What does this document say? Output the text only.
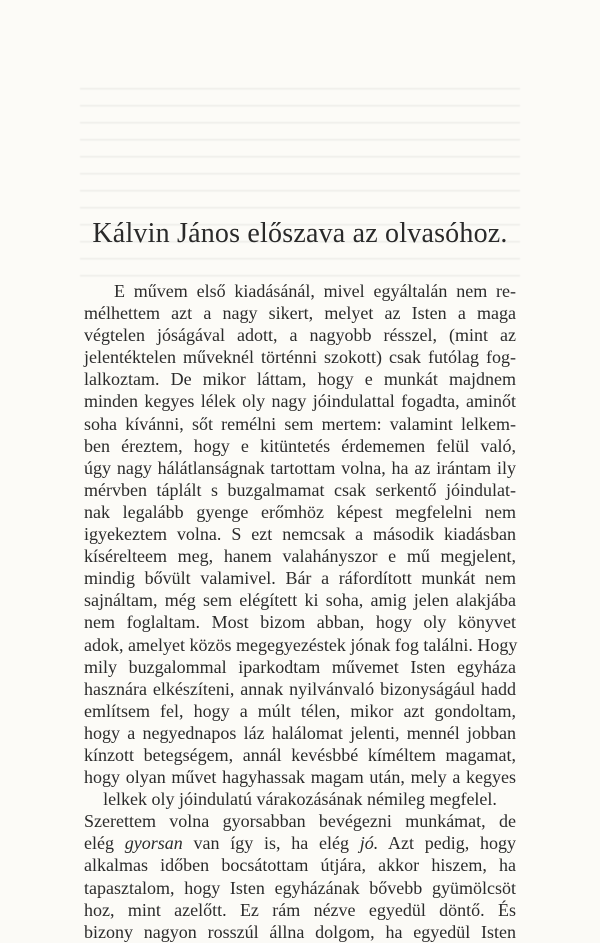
Kálvin János előszava az olvasóhoz.
E művem első kiadásánál, mivel egyáltalán nem re-
mélhettem azt a nagy sikert, melyet az Isten a maga
végtelen jóságával adott, a nagyobb résszel, (mint az
jelentéktelen műveknél történni szokott) csak futólag fog-
lalkoztam. De mikor láttam, hogy e munkát majdnem
minden kegyes lélek oly nagy jóindulattal fogadta, aminőt
soha kívánni, sőt remélni sem mertem: valamint lelkem-
ben éreztem, hogy e kitüntetés érdememen felül való,
úgy nagy hálátlanságnak tartottam volna, ha az irántam ily
mérvben táplált s buzgalmamat csak serkentő jóindulat-
nak legalább gyenge erőmhöz képest megfelelni nem
igyekeztem volna. S ezt nemcsak a második kiadásban
kísérelteem meg, hanem valahányszor e mű megjelent,
mindig bővült valamivel. Bár a ráfordított munkát nem
sajnáltam, még sem elégített ki soha, amig jelen alakjába
nem foglaltam. Most bizom abban, hogy oly könyvet
adok, amelyet közös megegyezéstek jónak fog találni. Hogy
mily buzgalommal iparkodtam művemet Isten egyháza
hasznára elkészíteni, annak nyilvánvaló bizonyságául hadd
említsem fel, hogy a múlt télen, mikor azt gondoltam,
hogy a negyednapos láz halálomat jelenti, mennél jobban
kínzott betegségem, annál kevésbbé kíméltem magamat,
hogy olyan művet hagyhassak magam után, mely a kegyes
lelkek oly jóindulatú várakozásának némileg megfelel.
Szerettem volna gyorsabban bevégezni munkámat, de
elég gyorsan van így is, ha elég jó. Azt pedig, hogy
alkalmas időben bocsátottam útjára, akkor hiszem, ha
tapasztalom, hogy Isten egyházának bővebb gyümölcsöt
hoz, mint azelőtt. Ez rám nézve egyedül döntő. És
bizony nagyon rosszúl állna dolgom, ha egyedül Isten
